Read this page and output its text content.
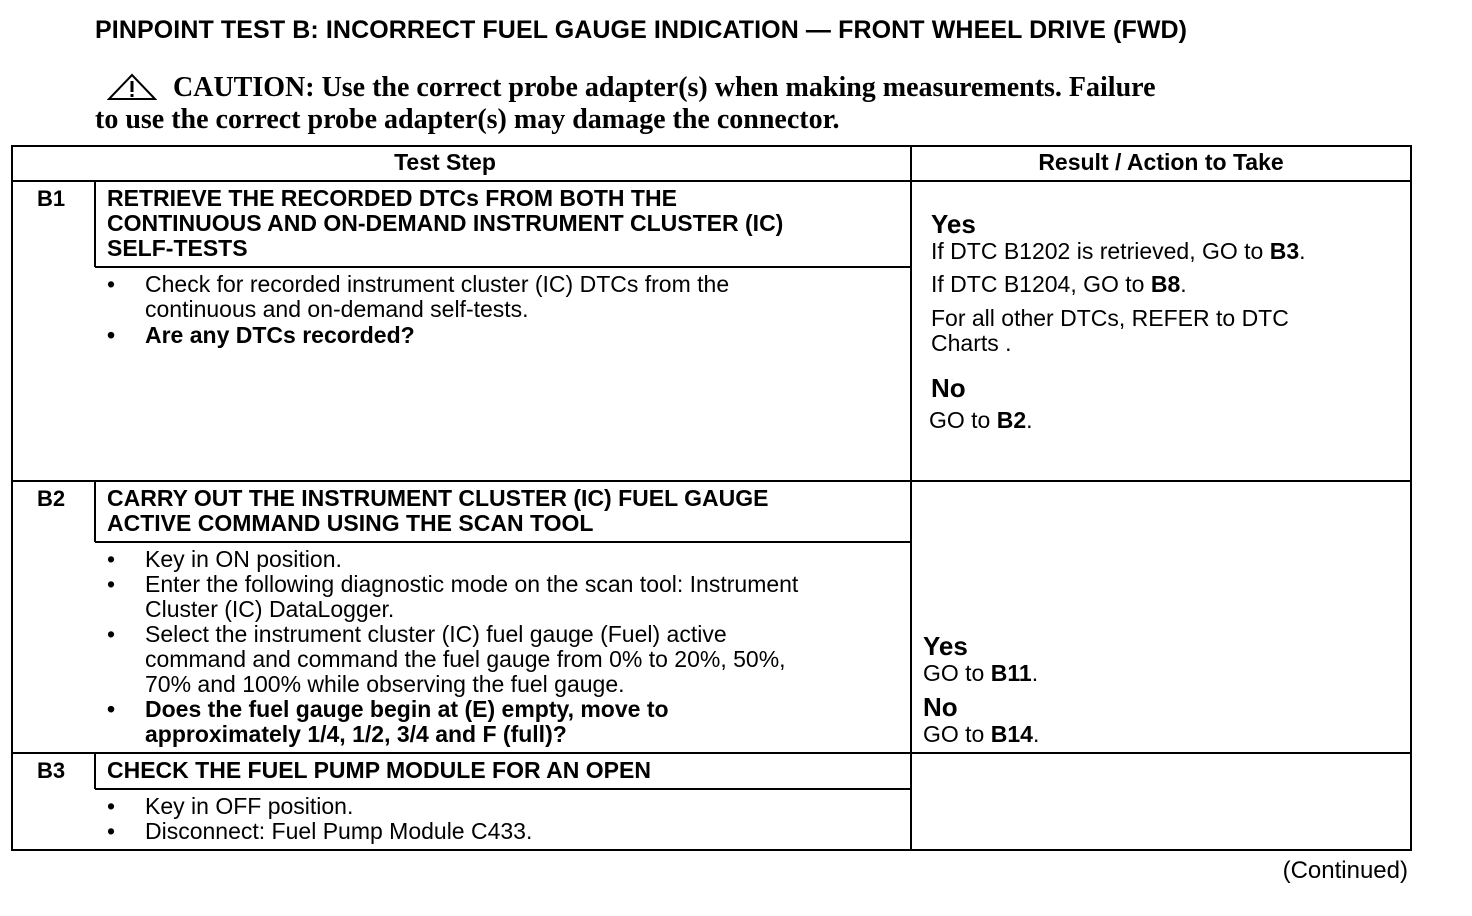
PINPOINT TEST B: INCORRECT FUEL GAUGE INDICATION — FRONT WHEEL DRIVE (FWD)
CAUTION: Use the correct probe adapter(s) when making measurements. Failure
to use the correct probe adapter(s) may damage the connector.
Test Step	Result / Action to Take
B1 RETRIEVE THE RECORDED DTCs FROM BOTH THE
CONTINUOUS AND ON-DEMAND INSTRUMENT CLUSTER (IC)
SELF-TESTS
• Check for recorded instrument cluster (IC) DTCs from the
continuous and on-demand self-tests.
• Are any DTCs recorded?
Yes
If DTC B1202 is retrieved, GO to B3.
If DTC B1204, GO to B8.
For all other DTCs, REFER to DTC
Charts .
No
GO to B2.
B2 CARRY OUT THE INSTRUMENT CLUSTER (IC) FUEL GAUGE
ACTIVE COMMAND USING THE SCAN TOOL
• Key in ON position.
• Enter the following diagnostic mode on the scan tool: Instrument
Cluster (IC) DataLogger.
• Select the instrument cluster (IC) fuel gauge (Fuel) active
command and command the fuel gauge from 0% to 20%, 50%,
70% and 100% while observing the fuel gauge.
• Does the fuel gauge begin at (E) empty, move to
approximately 1/4, 1/2, 3/4 and F (full)?
Yes
GO to B11.
No
GO to B14.
B3 CHECK THE FUEL PUMP MODULE FOR AN OPEN
• Key in OFF position.
• Disconnect: Fuel Pump Module C433.
(Continued)
